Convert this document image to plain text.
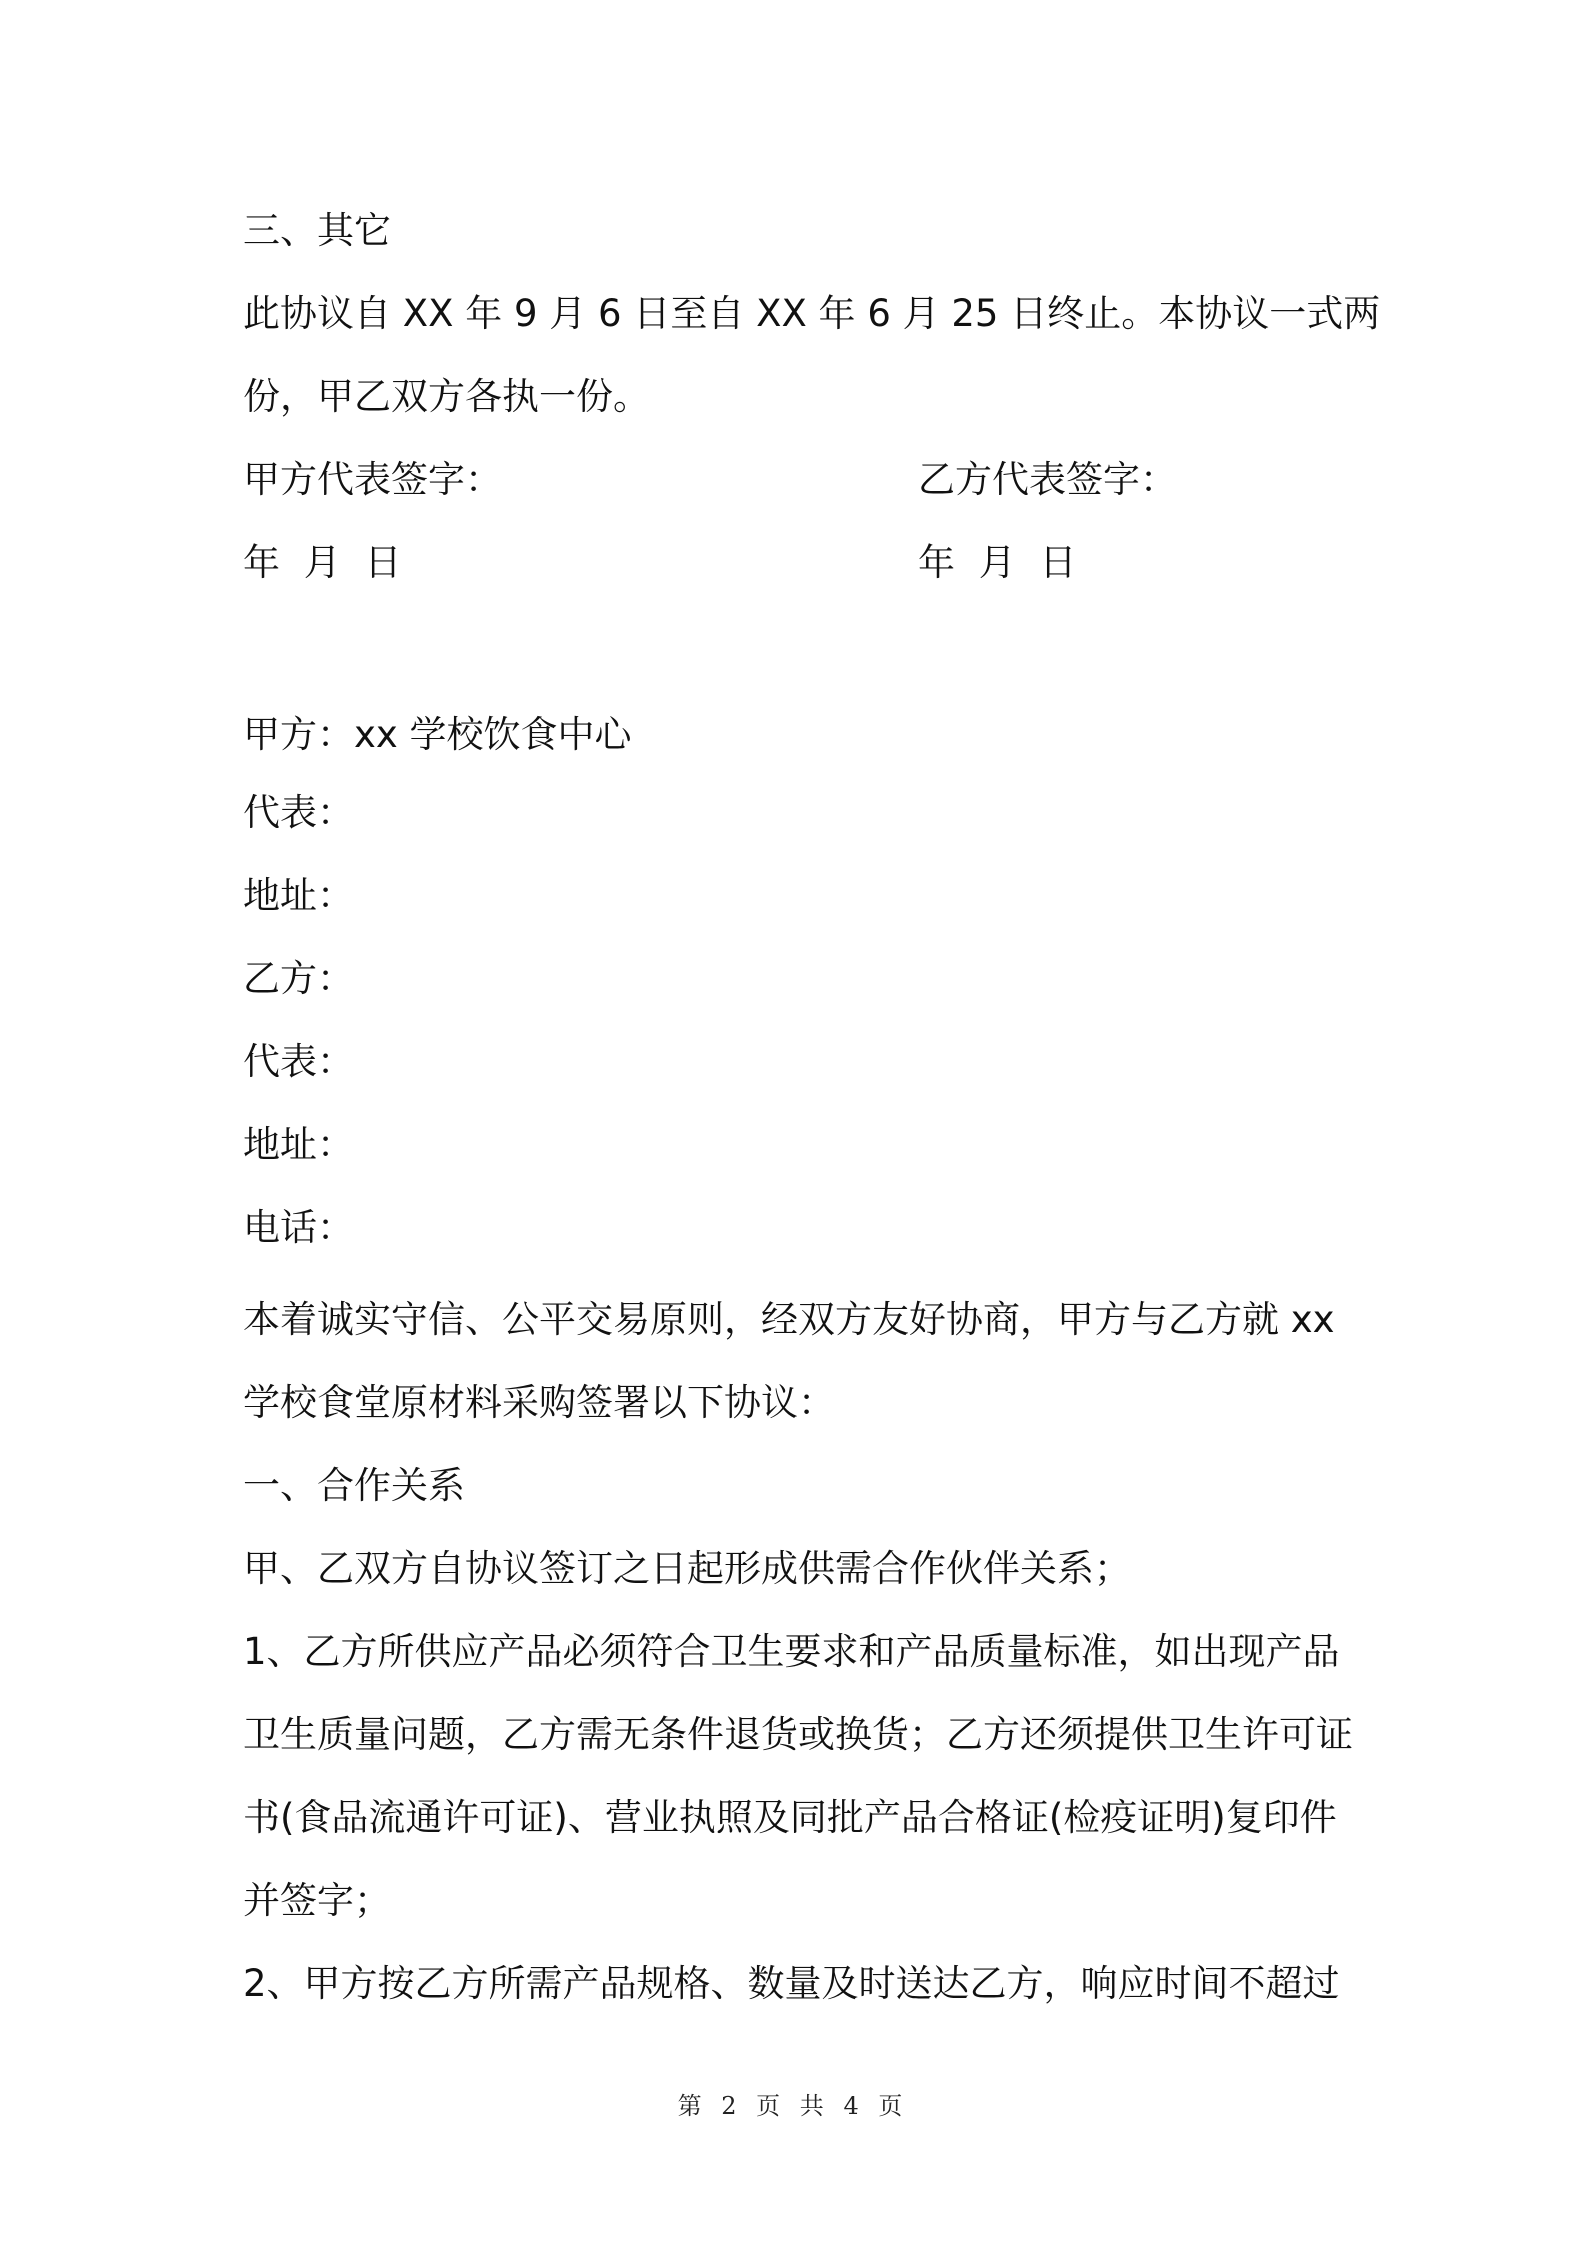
三、其它
此协议自 XX 年 9 月 6 日至自 XX 年 6 月 25 日终止。本协议一式两
份，甲乙双方各执一份。
甲方代表签字：	乙方代表签字：
年 月 日	年 月 日
甲方：xx 学校饮食中心
代表：
地址：
乙方：
代表：
地址：
电话：
本着诚实守信、公平交易原则，经双方友好协商，甲方与乙方就 xx
学校食堂原材料采购签署以下协议：
一、合作关系
甲、乙双方自协议签订之日起形成供需合作伙伴关系；
1、乙方所供应产品必须符合卫生要求和产品质量标准，如出现产品
卫生质量问题，乙方需无条件退货或换货；乙方还须提供卫生许可证
书(食品流通许可证)、营业执照及同批产品合格证(检疫证明)复印件
并签字；
2、甲方按乙方所需产品规格、数量及时送达乙方，响应时间不超过
第 2 页 共 4 页
